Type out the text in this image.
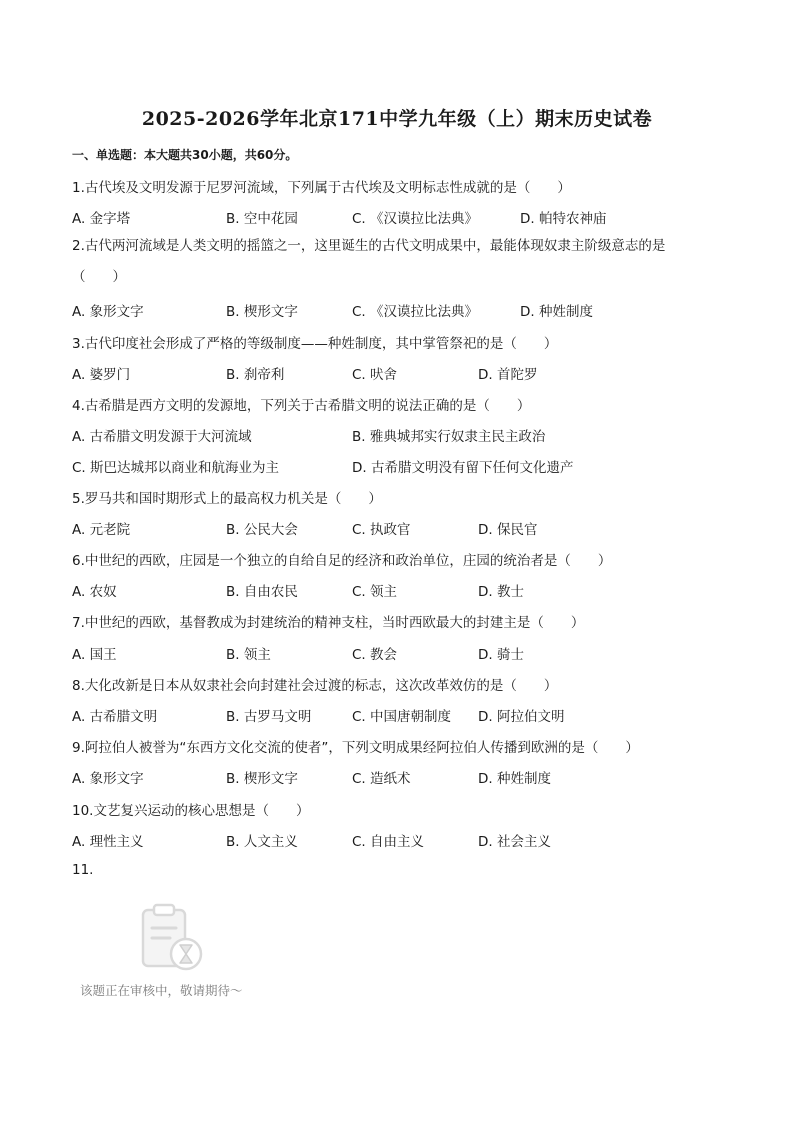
2025-2026学年北京171中学九年级（上）期末历史试卷
一、单选题：本大题共30小题，共60分。
1.古代埃及文明发源于尼罗河流域，下列属于古代埃及文明标志性成就的是（　　）
A. 金字塔	B. 空中花园	C. 《汉谟拉比法典》	D. 帕特农神庙
2.古代两河流域是人类文明的摇篮之一，这里诞生的古代文明成果中，最能体现奴隶主阶级意志的是（　　）
A. 象形文字	B. 楔形文字	C. 《汉谟拉比法典》	D. 种姓制度
3.古代印度社会形成了严格的等级制度——种姓制度，其中掌管祭祀的是（　　）
A. 婆罗门	B. 刹帝利	C. 吠舍	D. 首陀罗
4.古希腊是西方文明的发源地，下列关于古希腊文明的说法正确的是（　　）
A. 古希腊文明发源于大河流域	B. 雅典城邦实行奴隶主民主政治
C. 斯巴达城邦以商业和航海业为主	D. 古希腊文明没有留下任何文化遗产
5.罗马共和国时期形式上的最高权力机关是（　　）
A. 元老院	B. 公民大会	C. 执政官	D. 保民官
6.中世纪的西欧，庄园是一个独立的自给自足的经济和政治单位，庄园的统治者是（　　）
A. 农奴	B. 自由农民	C. 领主	D. 教士
7.中世纪的西欧，基督教成为封建统治的精神支柱，当时西欧最大的封建主是（　　）
A. 国王	B. 领主	C. 教会	D. 骑士
8.大化改新是日本从奴隶社会向封建社会过渡的标志，这次改革效仿的是（　　）
A. 古希腊文明	B. 古罗马文明	C. 中国唐朝制度 D. 阿拉伯文明
9.阿拉伯人被誉为“东西方文化交流的使者”，下列文明成果经阿拉伯人传播到欧洲的是（　　）
A. 象形文字	B. 楔形文字	C. 造纸术	D. 种姓制度
10.文艺复兴运动的核心思想是（　　）
A. 理性主义	B. 人文主义	C. 自由主义	D. 社会主义
11.
该题正在审核中，敬请期待～
